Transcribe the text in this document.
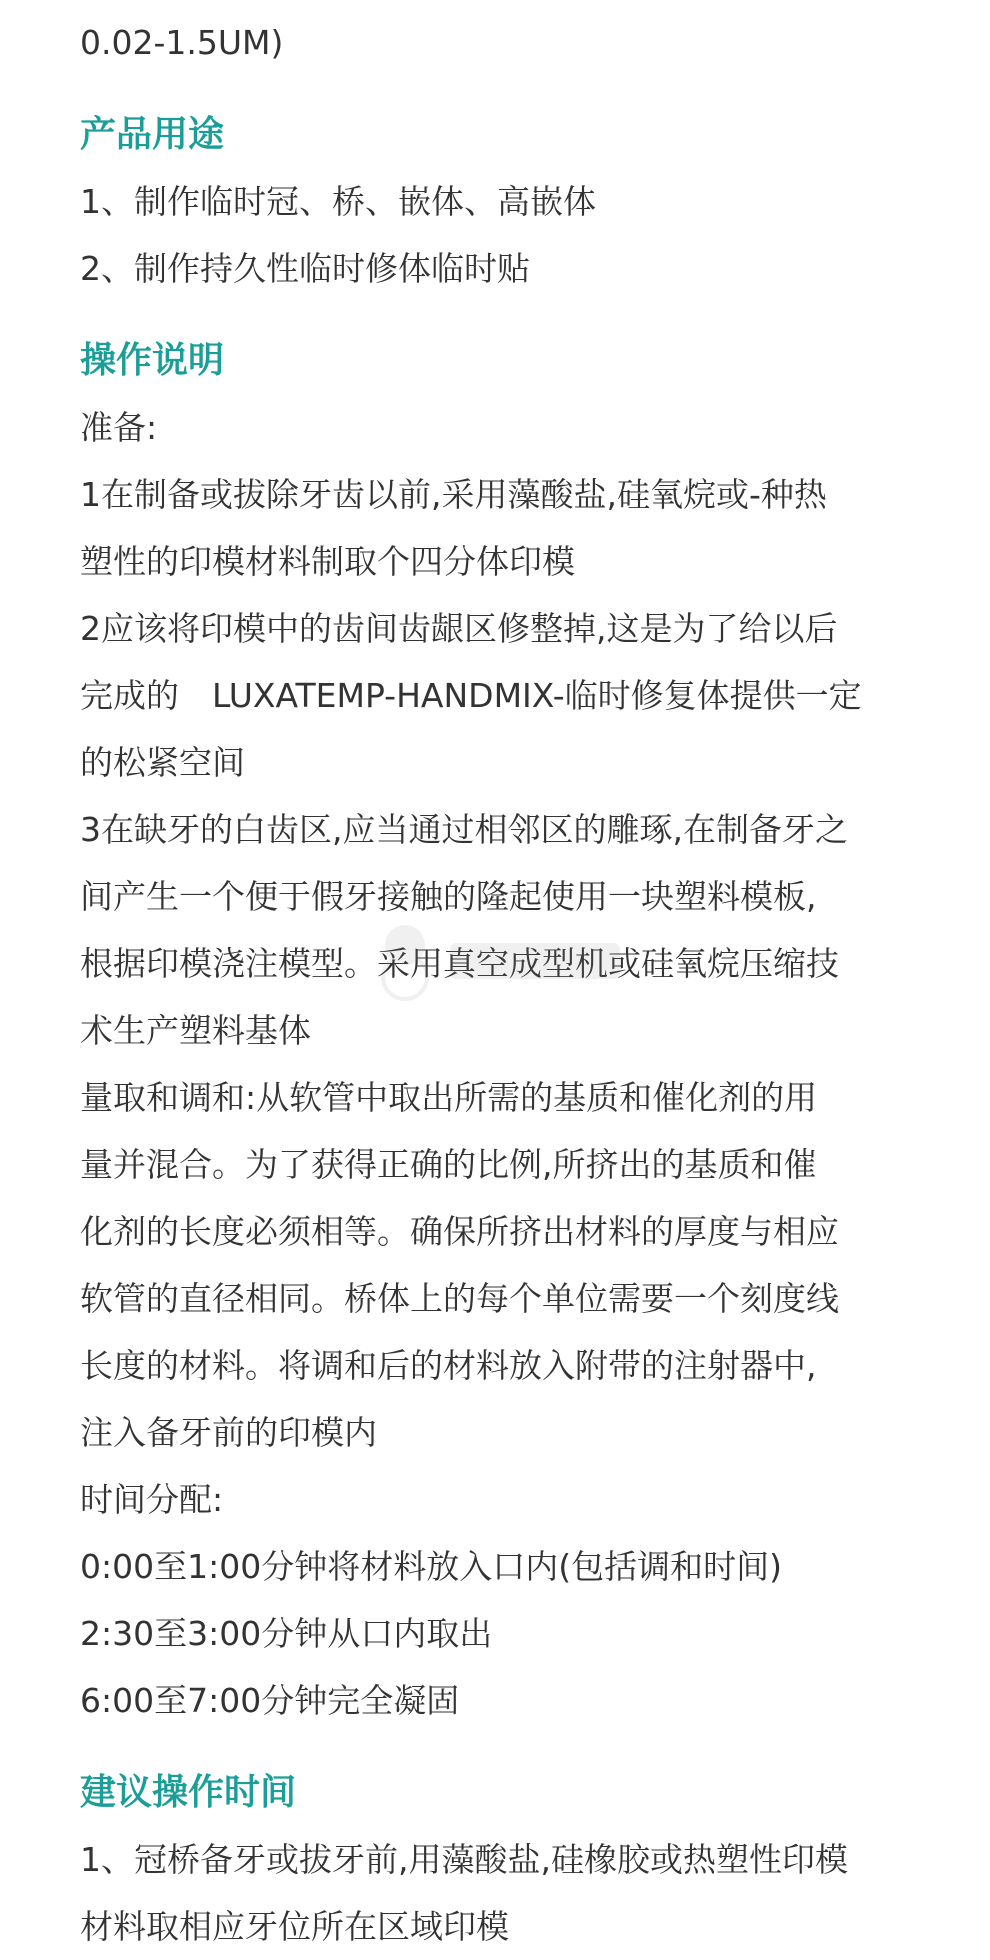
0.02-1.5UM)

产品用途

1、制作临时冠、桥、嵌体、高嵌体

2、制作持久性临时修体临时贴

操作说明

准备:

1在制备或拔除牙齿以前,采用藻酸盐,硅氧烷或-种热

塑性的印模材料制取个四分体印模

2应该将印模中的齿间齿龈区修整掉,这是为了给以后

完成的　LUXATEMP-HANDMIX-临时修复体提供一定

的松紧空间

3在缺牙的白齿区,应当通过相邻区的雕琢,在制备牙之

间产生一个便于假牙接触的隆起使用一块塑料模板,

根据印模浇注模型。采用真空成型机或硅氧烷压缩技

术生产塑料基体

量取和调和:从软管中取出所需的基质和催化剂的用

量并混合。为了获得正确的比例,所挤出的基质和催

化剂的长度必须相等。确保所挤出材料的厚度与相应

软管的直径相同。桥体上的每个单位需要一个刻度线

长度的材料。将调和后的材料放入附带的注射器中,

注入备牙前的印模内

时间分配:

0:00至1:00分钟将材料放入口内(包括调和时间)

2:30至3:00分钟从口内取出

6:00至7:00分钟完全凝固

建议操作时间

1、冠桥备牙或拔牙前,用藻酸盐,硅橡胶或热塑性印模

材料取相应牙位所在区域印模
